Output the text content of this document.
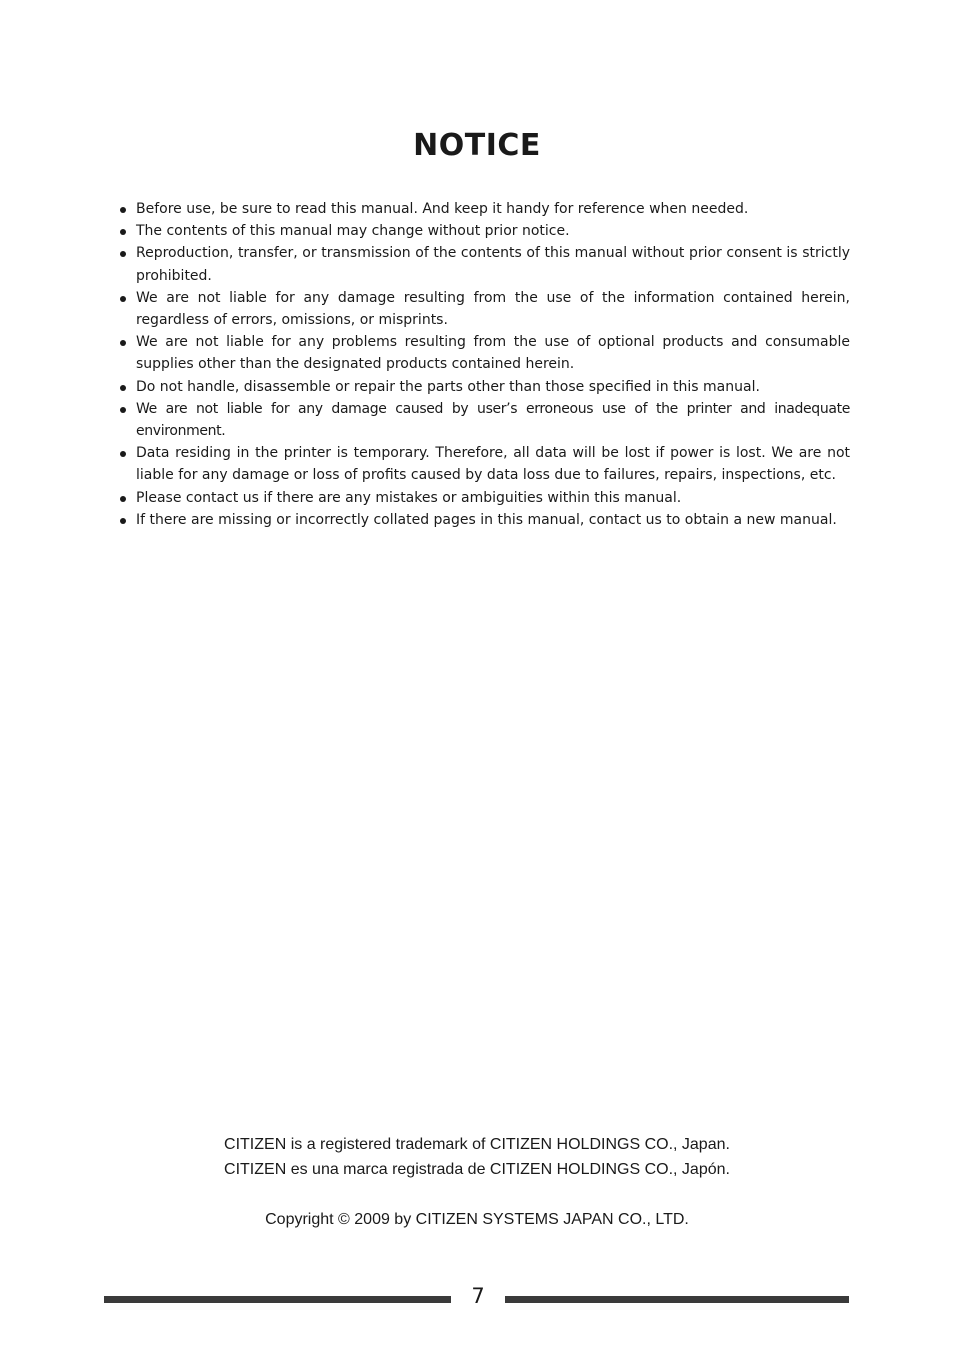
NOTICE
Before use, be sure to read this manual. And keep it handy for reference when needed.
The contents of this manual may change without prior notice.
Reproduction, transfer, or transmission of the contents of this manual without prior consent is strictly prohibited.
We are not liable for any damage resulting from the use of the information contained herein, regardless of errors, omissions, or misprints.
We are not liable for any problems resulting from the use of optional products and consumable supplies other than the designated products contained herein.
Do not handle, disassemble or repair the parts other than those specified in this manual.
We are not liable for any damage caused by user’s erroneous use of the printer and inadequate environment.
Data residing in the printer is temporary. Therefore, all data will be lost if power is lost. We are not liable for any damage or loss of profits caused by data loss due to failures, repairs, inspections, etc.
Please contact us if there are any mistakes or ambiguities within this manual.
If there are missing or incorrectly collated pages in this manual, contact us to obtain a new manual.

CITIZEN is a registered trademark of CITIZEN HOLDINGS CO., Japan.

CITIZEN es una marca registrada de CITIZEN HOLDINGS CO., Japón.

Copyright © 2009 by CITIZEN SYSTEMS JAPAN CO., LTD.

7
